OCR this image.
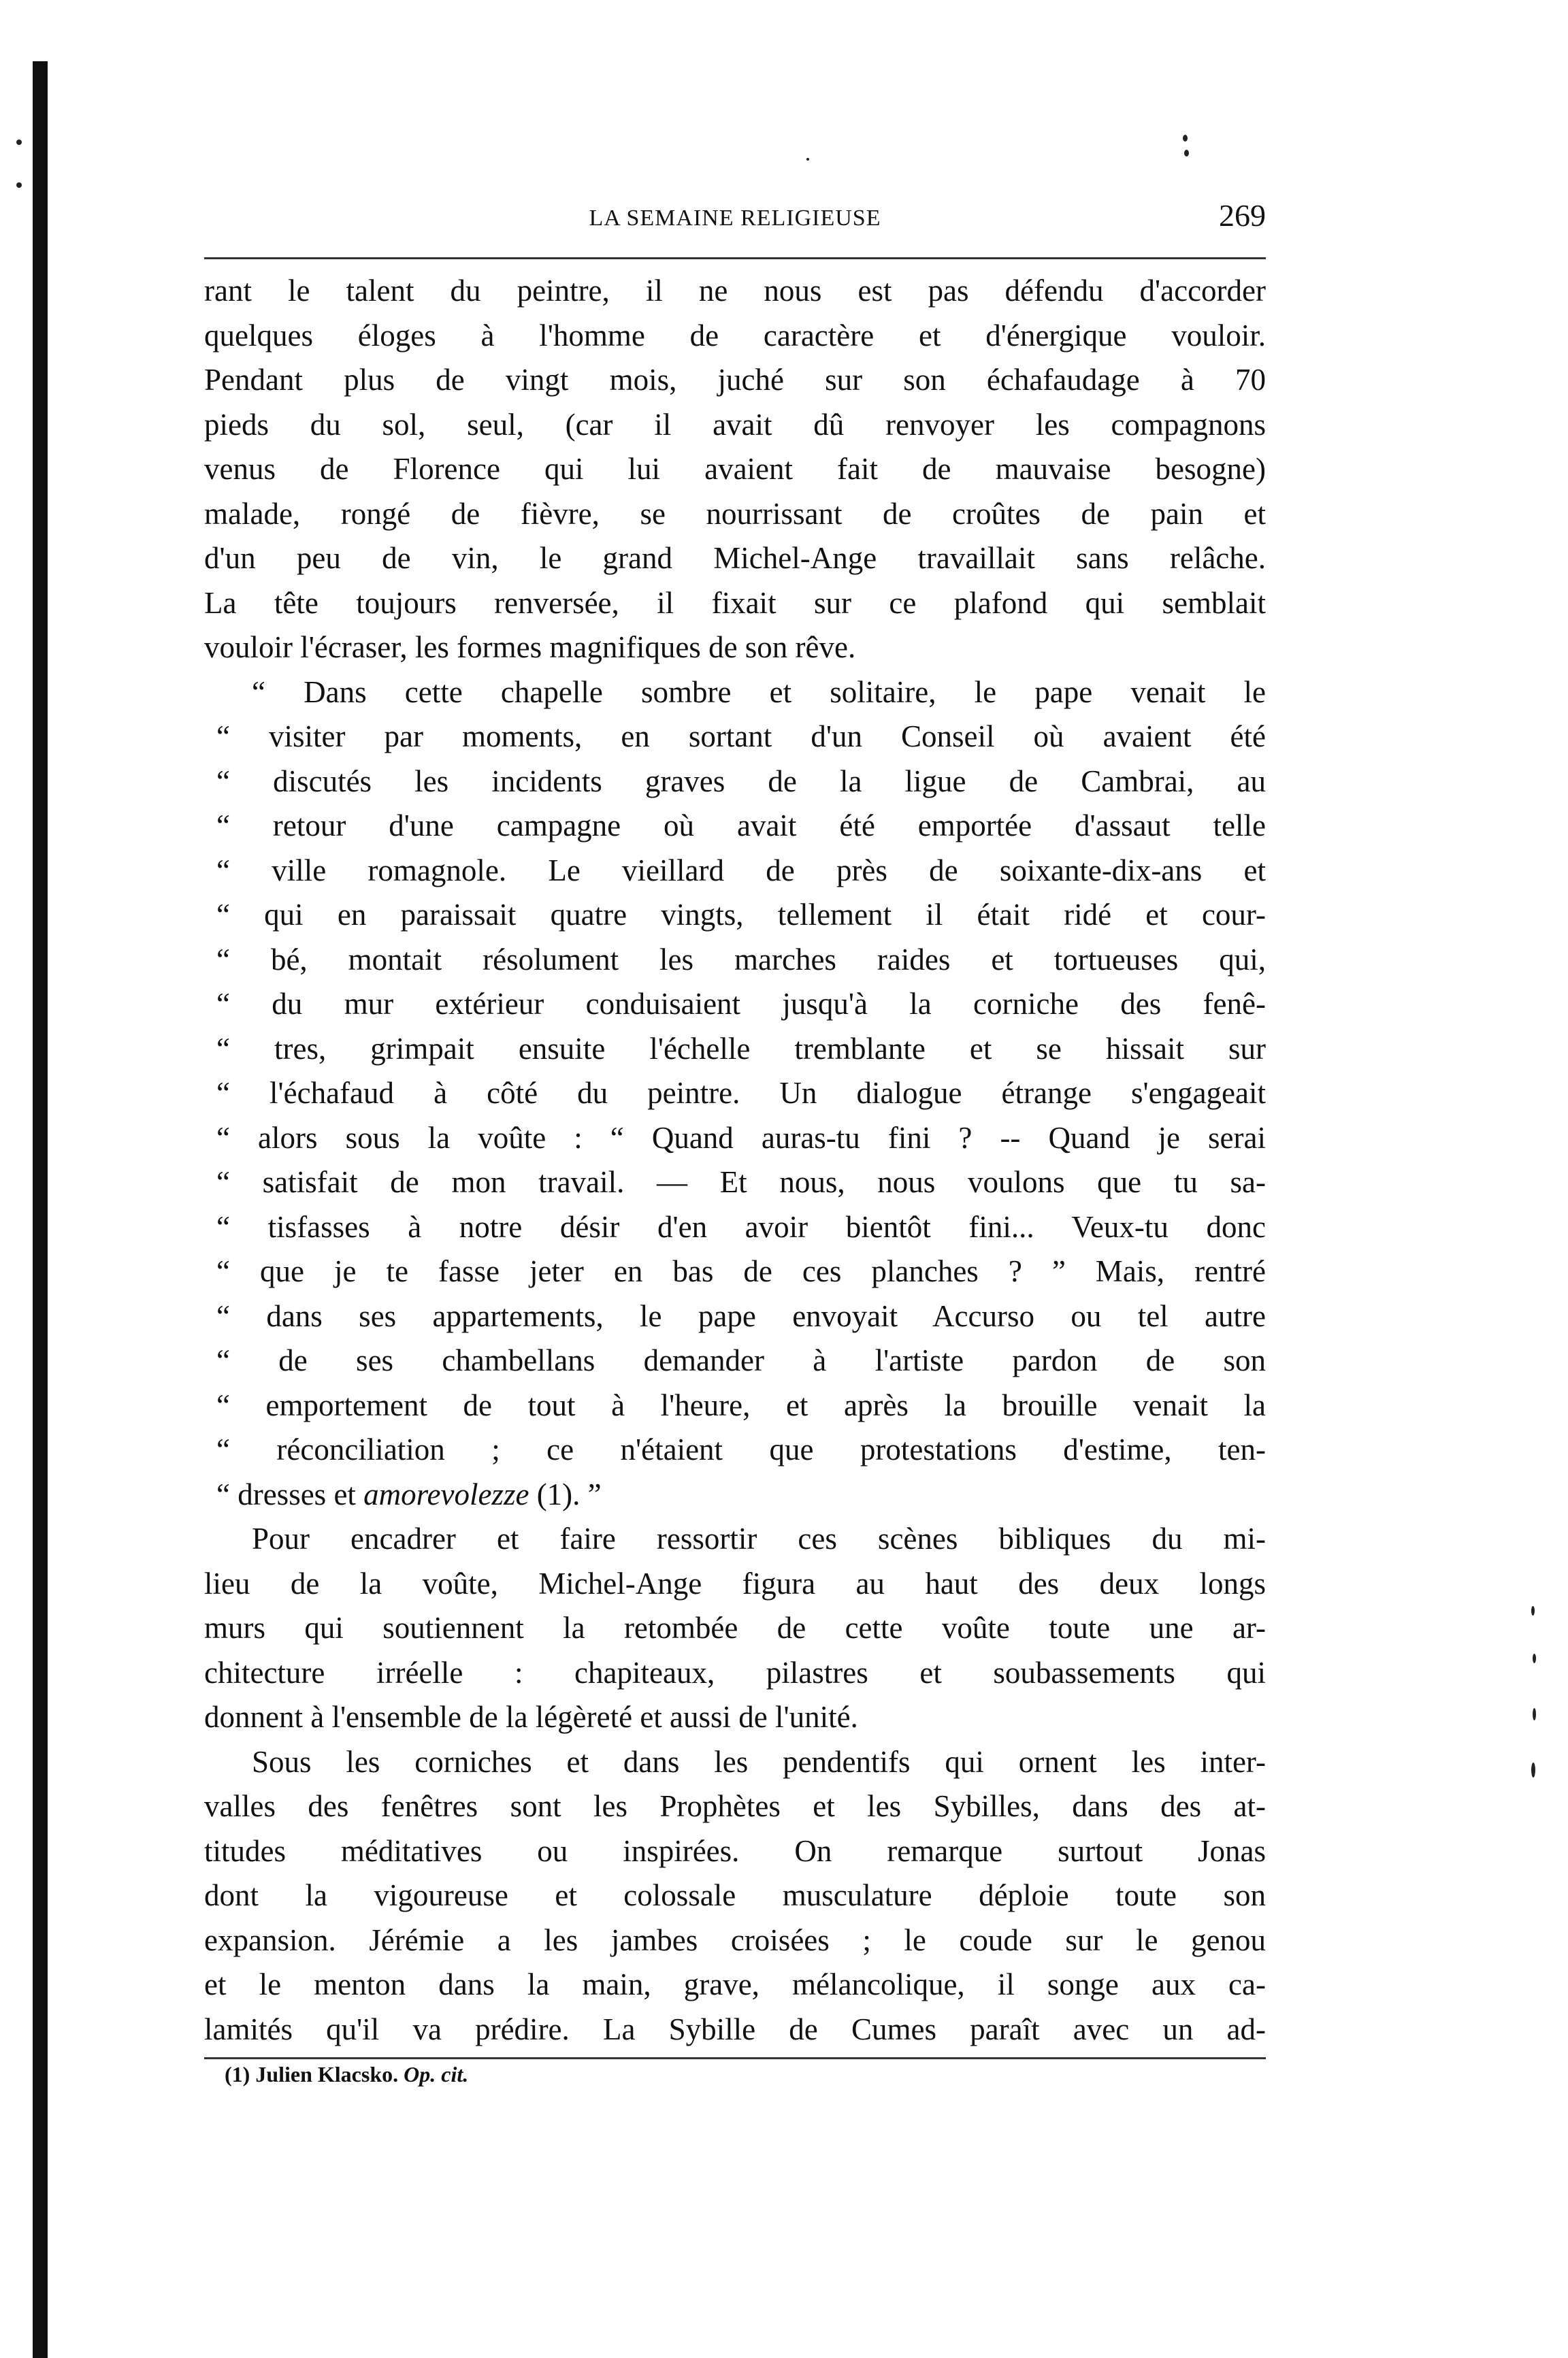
LA SEMAINE RELIGIEUSE	269
rant le talent du peintre, il ne nous est pas défendu d'accorder
quelques éloges à l'homme de caractère et d'énergique vouloir.
Pendant plus de vingt mois, juché sur son échafaudage à 70
pieds du sol, seul, (car il avait dû renvoyer les compagnons
venus de Florence qui lui avaient fait de mauvaise besogne)
malade, rongé de fièvre, se nourrissant de croûtes de pain et
d'un peu de vin, le grand Michel-Ange travaillait sans relâche.
La tête toujours renversée, il fixait sur ce plafond qui semblait
vouloir l'écraser, les formes magnifiques de son rêve.
“ Dans cette chapelle sombre et solitaire, le pape venait le
“ visiter par moments, en sortant d'un Conseil où avaient été
“ discutés les incidents graves de la ligue de Cambrai, au
“ retour d'une campagne où avait été emportée d'assaut telle
“ ville romagnole. Le vieillard de près de soixante-dix-ans et
“ qui en paraissait quatre vingts, tellement il était ridé et cour-
“ bé, montait résolument les marches raides et tortueuses qui,
“ du mur extérieur conduisaient jusqu'à la corniche des fenê-
“ tres, grimpait ensuite l'échelle tremblante et se hissait sur
“ l'échafaud à côté du peintre. Un dialogue étrange s'engageait
“ alors sous la voûte : “ Quand auras-tu fini ? -- Quand je serai
“ satisfait de mon travail. — Et nous, nous voulons que tu sa-
“ tisfasses à notre désir d'en avoir bientôt fini... Veux-tu donc
“ que je te fasse jeter en bas de ces planches ? ” Mais, rentré
“ dans ses appartements, le pape envoyait Accurso ou tel autre
“ de ses chambellans demander à l'artiste pardon de son
“ emportement de tout à l'heure, et après la brouille venait la
“ réconciliation ; ce n'étaient que protestations d'estime, ten-
“ dresses et amorevolezze (1). ”
Pour encadrer et faire ressortir ces scènes bibliques du mi-
lieu de la voûte, Michel-Ange figura au haut des deux longs
murs qui soutiennent la retombée de cette voûte toute une ar-
chitecture irréelle : chapiteaux, pilastres et soubassements qui
donnent à l'ensemble de la légèreté et aussi de l'unité.
Sous les corniches et dans les pendentifs qui ornent les inter-
valles des fenêtres sont les Prophètes et les Sybilles, dans des at-
titudes méditatives ou inspirées. On remarque surtout Jonas
dont la vigoureuse et colossale musculature déploie toute son
expansion. Jérémie a les jambes croisées ; le coude sur le genou
et le menton dans la main, grave, mélancolique, il songe aux ca-
lamités qu'il va prédire. La Sybille de Cumes paraît avec un ad-
(1) Julien Klacsko. Op. cit.
